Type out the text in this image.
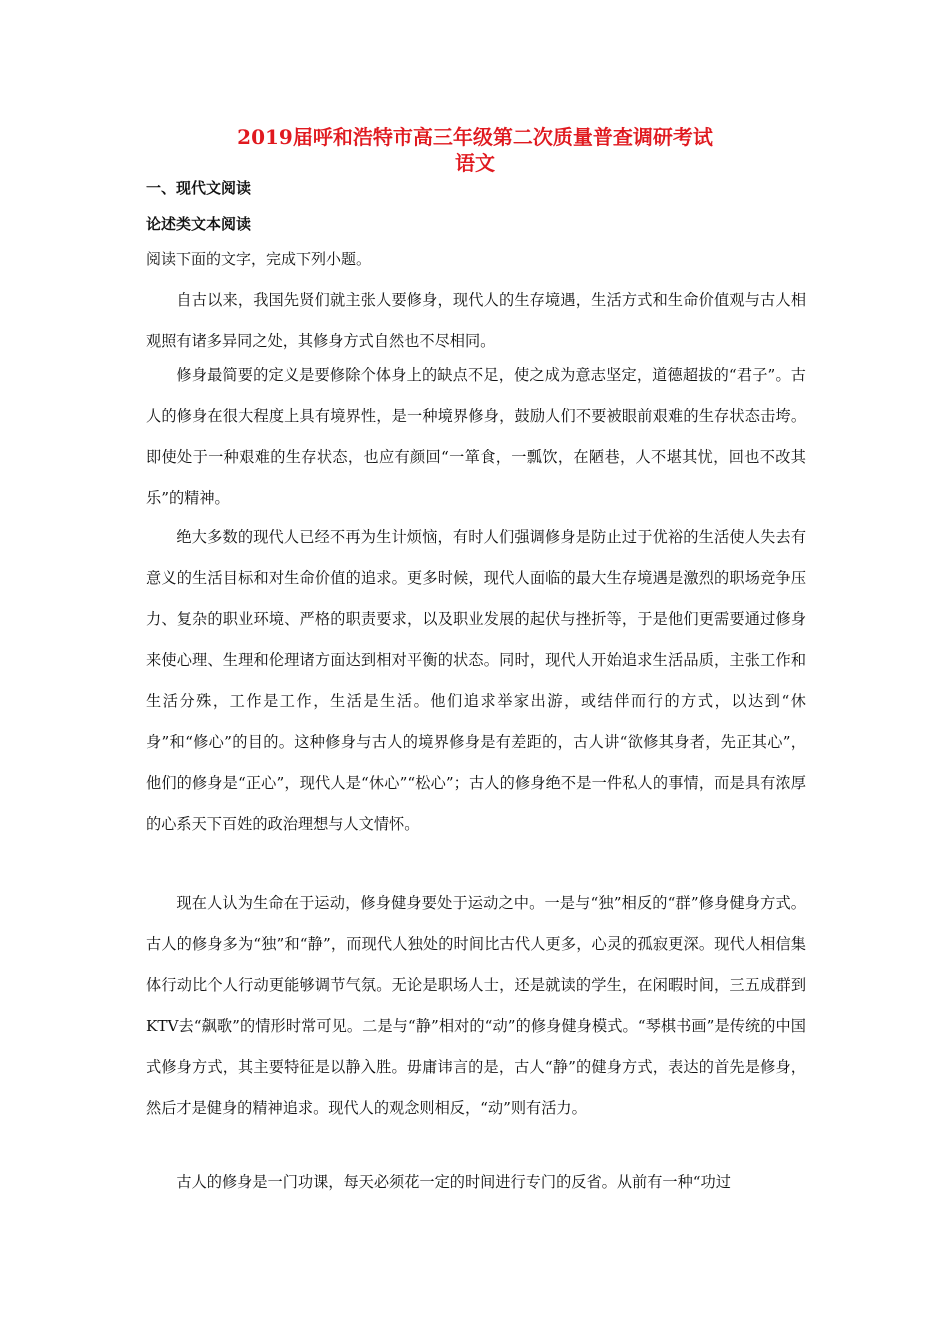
2019届呼和浩特市高三年级第二次质量普查调研考试
语文
一、现代文阅读
论述类文本阅读
阅读下面的文字，完成下列小题。

自古以来，我国先贤们就主张人要修身，现代人的生存境遇，生活方式和生命价值观与古人相观照有诸多异同之处，其修身方式自然也不尽相同。

修身最简要的定义是要修除个体身上的缺点不足，使之成为意志坚定，道德超拔的“君子”。古人的修身在很大程度上具有境界性，是一种境界修身，鼓励人们不要被眼前艰难的生存状态击垮。即使处于一种艰难的生存状态，也应有颜回“一箪食，一瓢饮，在陋巷，人不堪其忧，回也不改其乐”的精神。

绝大多数的现代人已经不再为生计烦恼，有时人们强调修身是防止过于优裕的生活使人失去有意义的生活目标和对生命价值的追求。更多时候，现代人面临的最大生存境遇是激烈的职场竞争压力、复杂的职业环境、严格的职责要求，以及职业发展的起伏与挫折等，于是他们更需要通过修身来使心理、生理和伦理诸方面达到相对平衡的状态。同时，现代人开始追求生活品质，主张工作和生活分殊，工作是工作，生活是生活。他们追求举家出游，或结伴而行的方式，以达到“休身”和“修心”的目的。这种修身与古人的境界修身是有差距的，古人讲“欲修其身者，先正其心”，他们的修身是“正心”，现代人是“休心”“松心”；古人的修身绝不是一件私人的事情，而是具有浓厚的心系天下百姓的政治理想与人文情怀。

现在人认为生命在于运动，修身健身要处于运动之中。一是与“独”相反的“群”修身健身方式。古人的修身多为“独”和“静”，而现代人独处的时间比古代人更多，心灵的孤寂更深。现代人相信集体行动比个人行动更能够调节气氛。无论是职场人士，还是就读的学生，在闲暇时间，三五成群到KTV去“飙歌”的情形时常可见。二是与“静”相对的“动”的修身健身模式。“琴棋书画”是传统的中国式修身方式，其主要特征是以静入胜。毋庸讳言的是，古人“静”的健身方式，表达的首先是修身，然后才是健身的精神追求。现代人的观念则相反，“动”则有活力。

古人的修身是一门功课，每天必须花一定的时间进行专门的反省。从前有一种“功过
